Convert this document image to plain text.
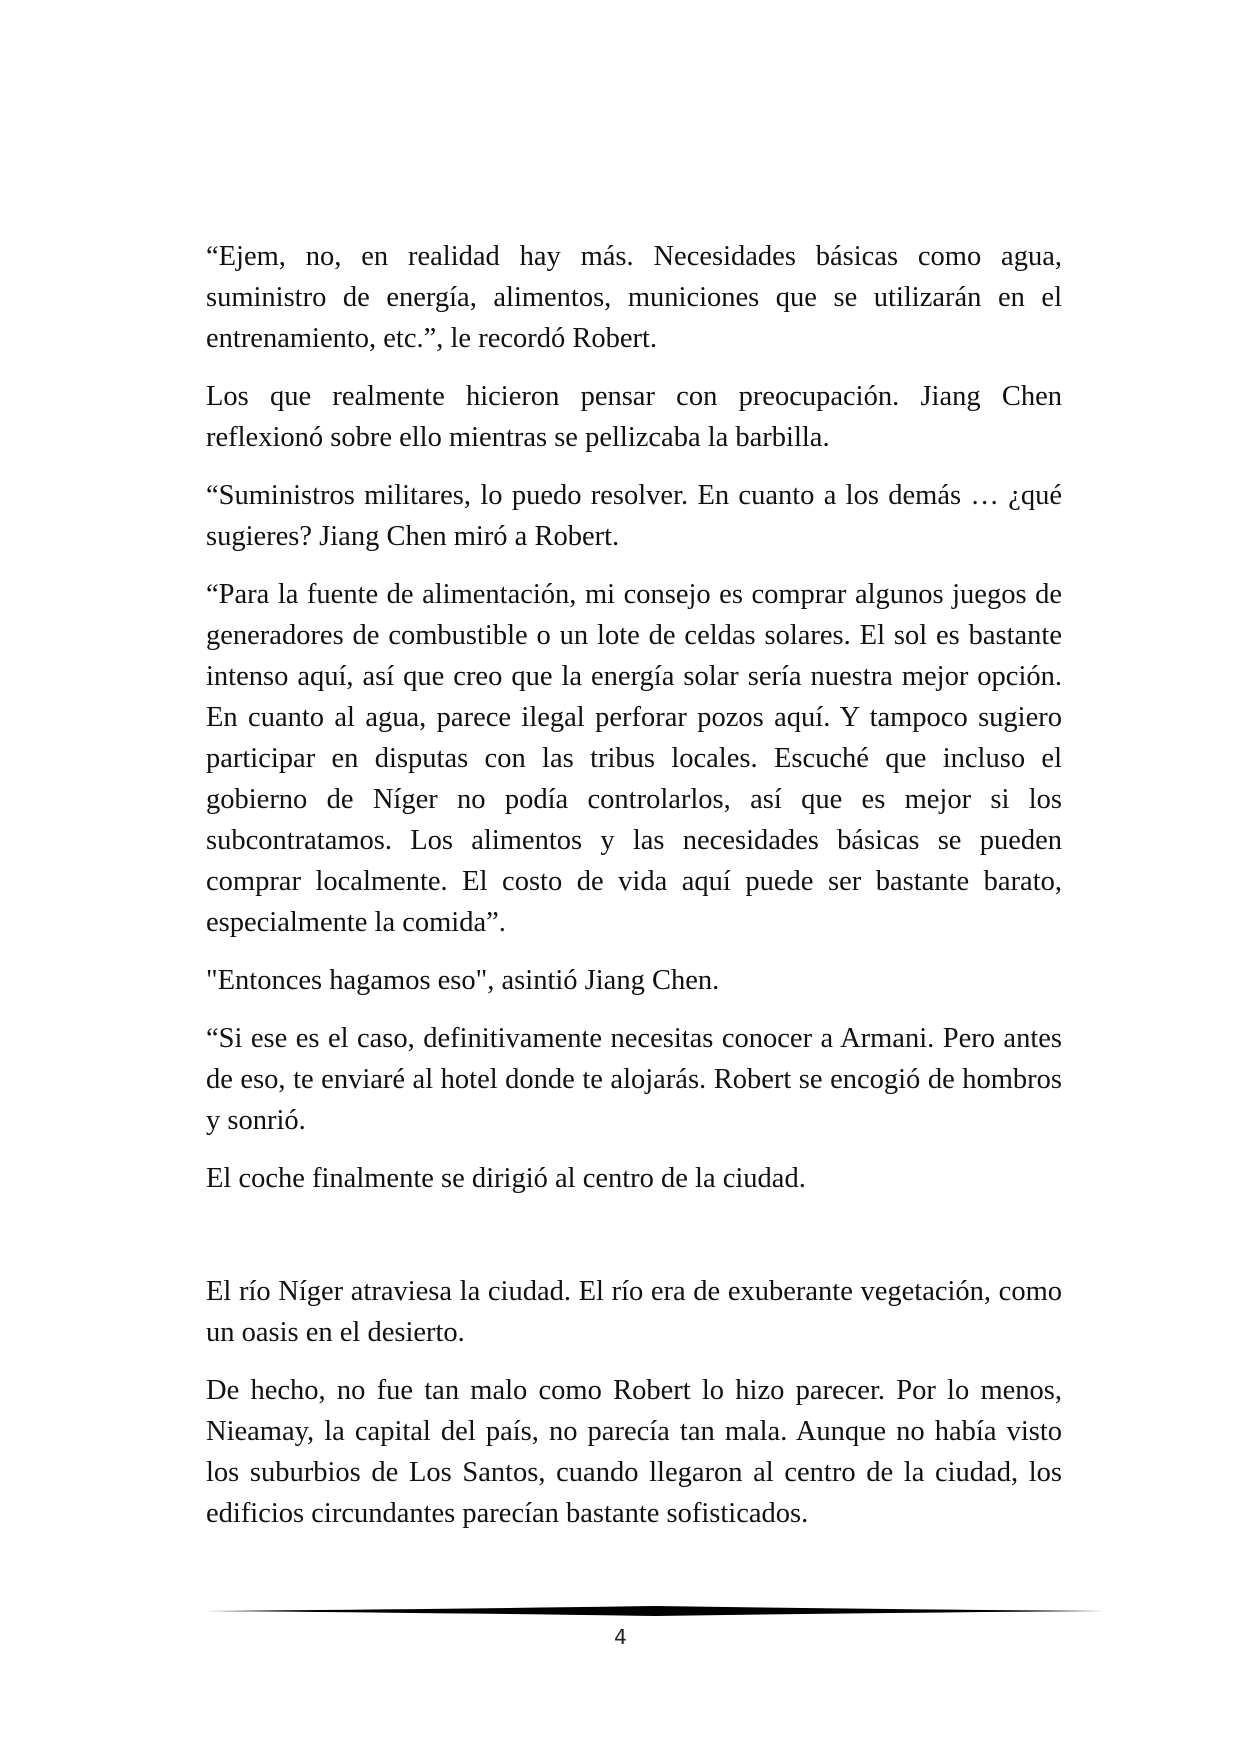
“Ejem, no, en realidad hay más. Necesidades básicas como agua, suministro de energía, alimentos, municiones que se utilizarán en el entrenamiento, etc.”, le recordó Robert.

Los que realmente hicieron pensar con preocupación. Jiang Chen reflexionó sobre ello mientras se pellizcaba la barbilla.

“Suministros militares, lo puedo resolver. En cuanto a los demás … ¿qué sugieres? Jiang Chen miró a Robert.

“Para la fuente de alimentación, mi consejo es comprar algunos juegos de generadores de combustible o un lote de celdas solares. El sol es bastante intenso aquí, así que creo que la energía solar sería nuestra mejor opción. En cuanto al agua, parece ilegal perforar pozos aquí. Y tampoco sugiero participar en disputas con las tribus locales. Escuché que incluso el gobierno de Níger no podía controlarlos, así que es mejor si los subcontratamos. Los alimentos y las necesidades básicas se pueden comprar localmente. El costo de vida aquí puede ser bastante barato, especialmente la comida”.

"Entonces hagamos eso", asintió Jiang Chen.

“Si ese es el caso, definitivamente necesitas conocer a Armani. Pero antes de eso, te enviaré al hotel donde te alojarás. Robert se encogió de hombros y sonrió.

El coche finalmente se dirigió al centro de la ciudad.

El río Níger atraviesa la ciudad. El río era de exuberante vegetación, como un oasis en el desierto.

De hecho, no fue tan malo como Robert lo hizo parecer. Por lo menos, Nieamay, la capital del país, no parecía tan mala. Aunque no había visto los suburbios de Los Santos, cuando llegaron al centro de la ciudad, los edificios circundantes parecían bastante sofisticados.

4
